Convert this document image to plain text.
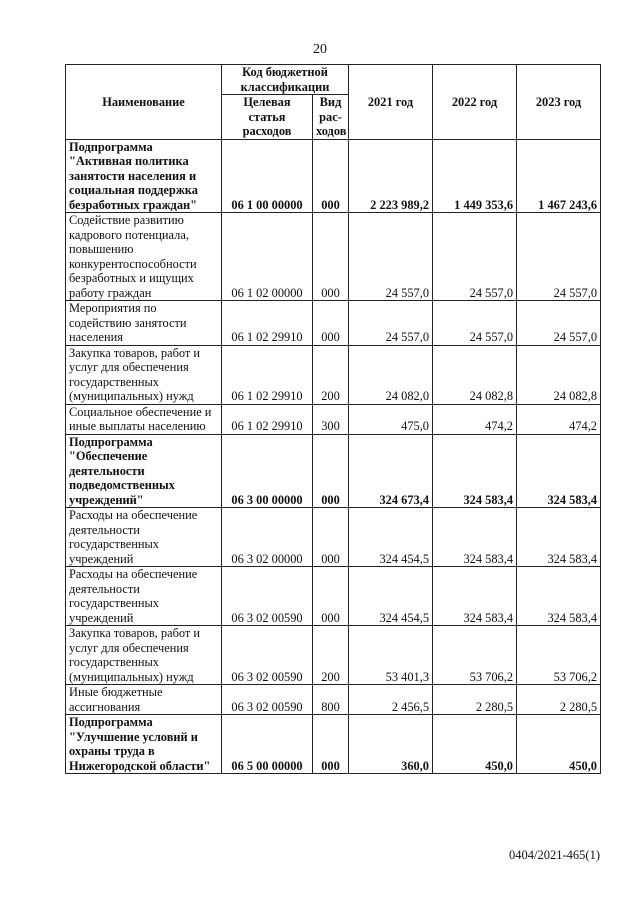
20
Наименование	Код бюджетной классификации		2021 год	2022 год	2023 год
	Целевая статья расходов	Вид рас-ходов			
Подпрограмма "Активная политика занятости населения и социальная поддержка безработных граждан"	06 1 00 00000	000	2 223 989,2	1 449 353,6	1 467 243,6
Содействие развитию кадрового потенциала, повышению конкурентоспособности безработных и ищущих работу граждан	06 1 02 00000	000	24 557,0	24 557,0	24 557,0
Мероприятия по содействию занятости населения	06 1 02 29910	000	24 557,0	24 557,0	24 557,0
Закупка товаров, работ и услуг для обеспечения государственных (муниципальных) нужд	06 1 02 29910	200	24 082,0	24 082,8	24 082,8
Социальное обеспечение и иные выплаты населению	06 1 02 29910	300	475,0	474,2	474,2
Подпрограмма "Обеспечение деятельности подведомственных учреждений"	06 3 00 00000	000	324 673,4	324 583,4	324 583,4
Расходы на обеспечение деятельности государственных учреждений	06 3 02 00000	000	324 454,5	324 583,4	324 583,4
Расходы на обеспечение деятельности государственных учреждений	06 3 02 00590	000	324 454,5	324 583,4	324 583,4
Закупка товаров, работ и услуг для обеспечения государственных (муниципальных) нужд	06 3 02 00590	200	53 401,3	53 706,2	53 706,2
Иные бюджетные ассигнования	06 3 02 00590	800	2 456,5	2 280,5	2 280,5
Подпрограмма "Улучшение условий и охраны труда в Нижегородской области"	06 5 00 00000	000	360,0	450,0	450,0
0404/2021-465(1)
